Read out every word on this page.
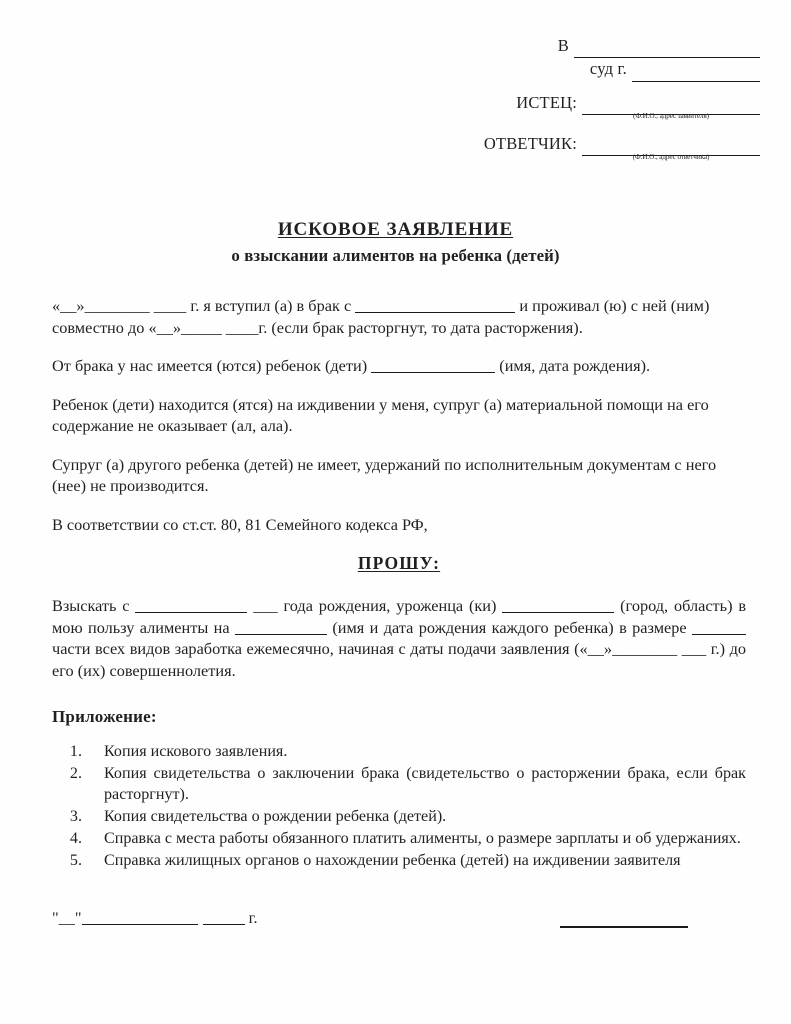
В
суд г.
ИСТЕЦ:
(Ф.И.О., адрес заявителя)
ОТВЕТЧИК:
(Ф.И.О., адрес ответчика)
ИСКОВОЕ ЗАЯВЛЕНИЕ
о взыскании алиментов на ребенка (детей)

«__»________ ____ г. я вступил (а) в брак с	и проживал (ю) с ней (ним) совместно до «__»_____ ____г. (если брак расторгнут, то дата расторжения).

От брака у нас имеется (ются) ребенок (дети)	(имя, дата рождения).

Ребенок (дети) находится (ятся) на иждивении у меня, супруг (а) материальной помощи на его содержание не оказывает (ал, ала).

Супруг (а) другого ребенка (детей) не имеет, удержаний по исполнительным документам с него (нее) не производится.

В соответствии со ст.ст. 80, 81 Семейного кодекса РФ,

ПРОШУ:

Взыскать с	___ года рождения, уроженца (ки)	(город, область) в мою пользу алименты на	(имя и дата рождения каждого ребенка) в размере  части всех видов заработка ежемесячно, начиная с даты подачи заявления («__»________ ___ г.) до его (их) совершеннолетия.

Приложение:
1.	Копия искового заявления.
2.	Копия свидетельства о заключении брака (свидетельство о расторжении брака, если брак расторгнут).
3.	Копия свидетельства о рождении ребенка (детей).
4.	Справка с места работы обязанного платить алименты, о размере зарплаты и об удержаниях.
5.	Справка жилищных органов о нахождении ребенка (детей) на иждивении заявителя
"__"	г.
